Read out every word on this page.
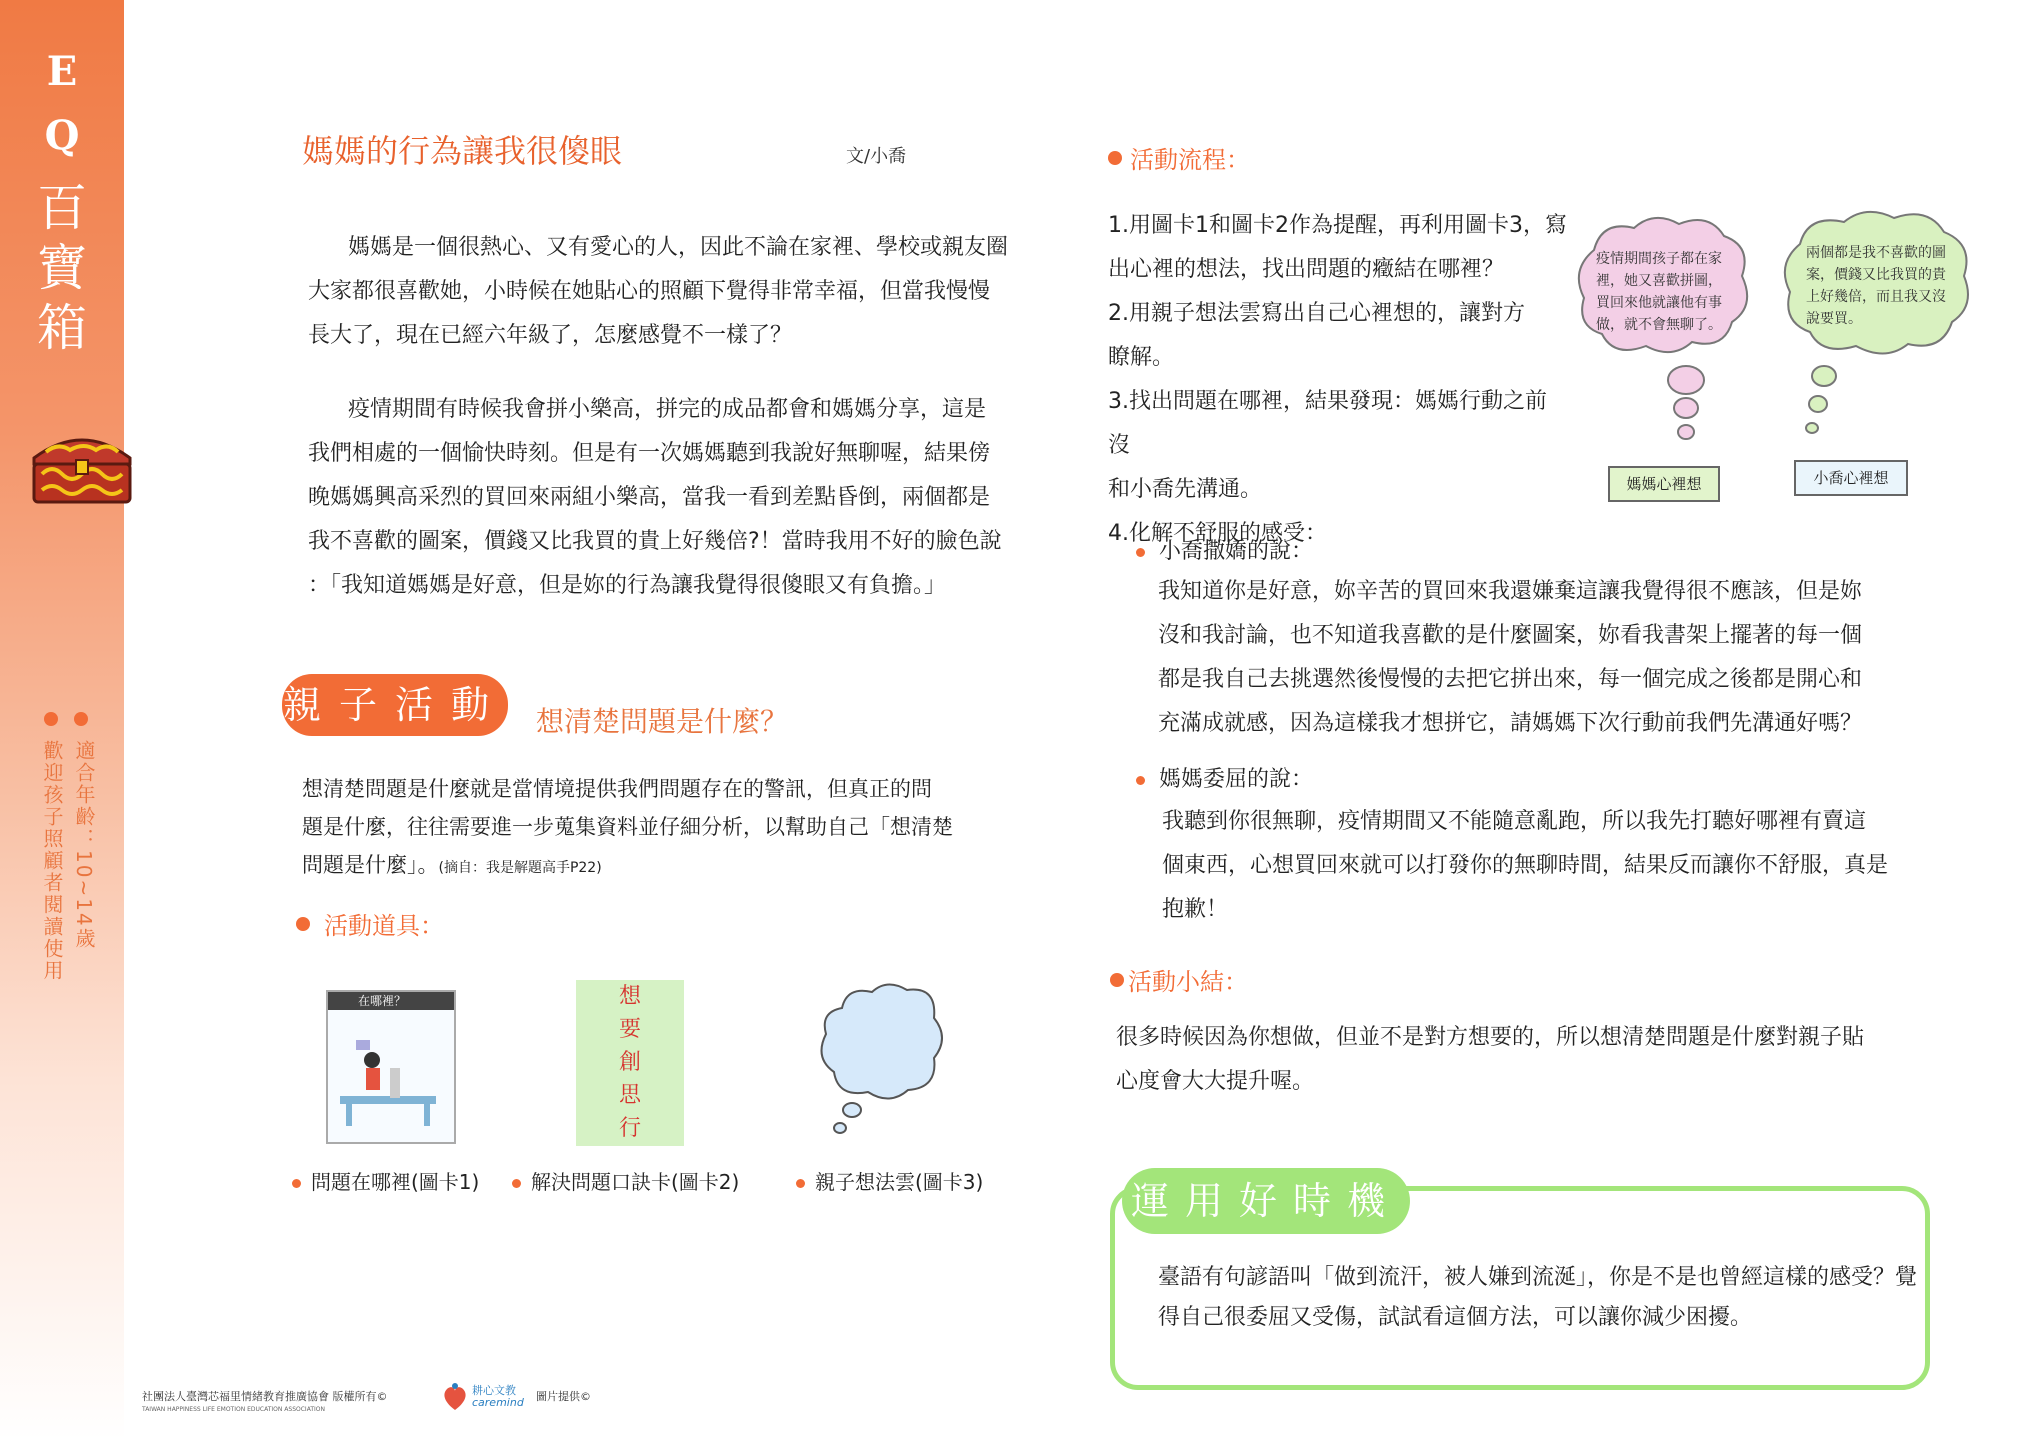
E
Q
百
寶
箱
適合年齡：10~14歲
歡迎孩子照顧者閱讀使用
媽媽的行為讓我很傻眼	文/小喬
媽媽是一個很熱心、又有愛心的人，因此不論在家裡、學校或親友圈
大家都很喜歡她，小時候在她貼心的照顧下覺得非常幸福，但當我慢慢
長大了，現在已經六年級了，怎麼感覺不一樣了？
疫情期間有時候我會拼小樂高，拼完的成品都會和媽媽分享，這是
我們相處的一個愉快時刻。但是有一次媽媽聽到我說好無聊喔，結果傍
晚媽媽興高采烈的買回來兩組小樂高，當我一看到差點昏倒，兩個都是
我不喜歡的圖案，價錢又比我買的貴上好幾倍?！當時我用不好的臉色說
：「我知道媽媽是好意，但是妳的行為讓我覺得很傻眼又有負擔。」
親子活動 想清楚問題是什麼？
想清楚問題是什麼就是當情境提供我們問題存在的警訊，但真正的問
題是什麼，往往需要進一步蒐集資料並仔細分析，以幫助自己「想清楚
問題是什麼」。(摘自：我是解題高手P22)
活動道具：
在哪裡？	想
要
創
思
行
問題在哪裡(圖卡1)	解決問題口訣卡(圖卡2)	親子想法雲(圖卡3)
活動流程：
1.用圖卡1和圖卡2作為提醒，再利用圖卡3，寫
出心裡的想法，找出問題的癥結在哪裡？
2.用親子想法雲寫出自己心裡想的，讓對方
瞭解。
3.找出問題在哪裡，結果發現：媽媽行動之前沒
和小喬先溝通。
4.化解不舒服的感受：
疫情期間孩子都在家裡，她又喜歡拼圖，買回來他就讓他有事做，就不會無聊了。
媽媽心裡想
兩個都是我不喜歡的圖案，價錢又比我買的貴上好幾倍，而且我又沒說要買。
小喬心裡想
小喬撒嬌的說：
我知道你是好意，妳辛苦的買回來我還嫌棄這讓我覺得很不應該，但是妳
沒和我討論，也不知道我喜歡的是什麼圖案，妳看我書架上擺著的每一個
都是我自己去挑選然後慢慢的去把它拼出來，每一個完成之後都是開心和
充滿成就感，因為這樣我才想拼它，請媽媽下次行動前我們先溝通好嗎？
媽媽委屈的說：
我聽到你很無聊，疫情期間又不能隨意亂跑，所以我先打聽好哪裡有賣這
個東西，心想買回來就可以打發你的無聊時間，結果反而讓你不舒服，真是
抱歉！
活動小結：
很多時候因為你想做，但並不是對方想要的，所以想清楚問題是什麼對親子貼
心度會大大提升喔。
運用好時機
臺語有句諺語叫「做到流汗，被人嫌到流涎」，你是不是也曾經這樣的感受？覺
得自己很委屈又受傷，試試看這個方法，可以讓你減少困擾。
社團法人臺灣芯福里情緒教育推廣協會 版權所有©
TAIWAN HAPPINESS LIFE EMOTION EDUCATION ASSOCIATION
耕心文教
caremind 圖片提供©
